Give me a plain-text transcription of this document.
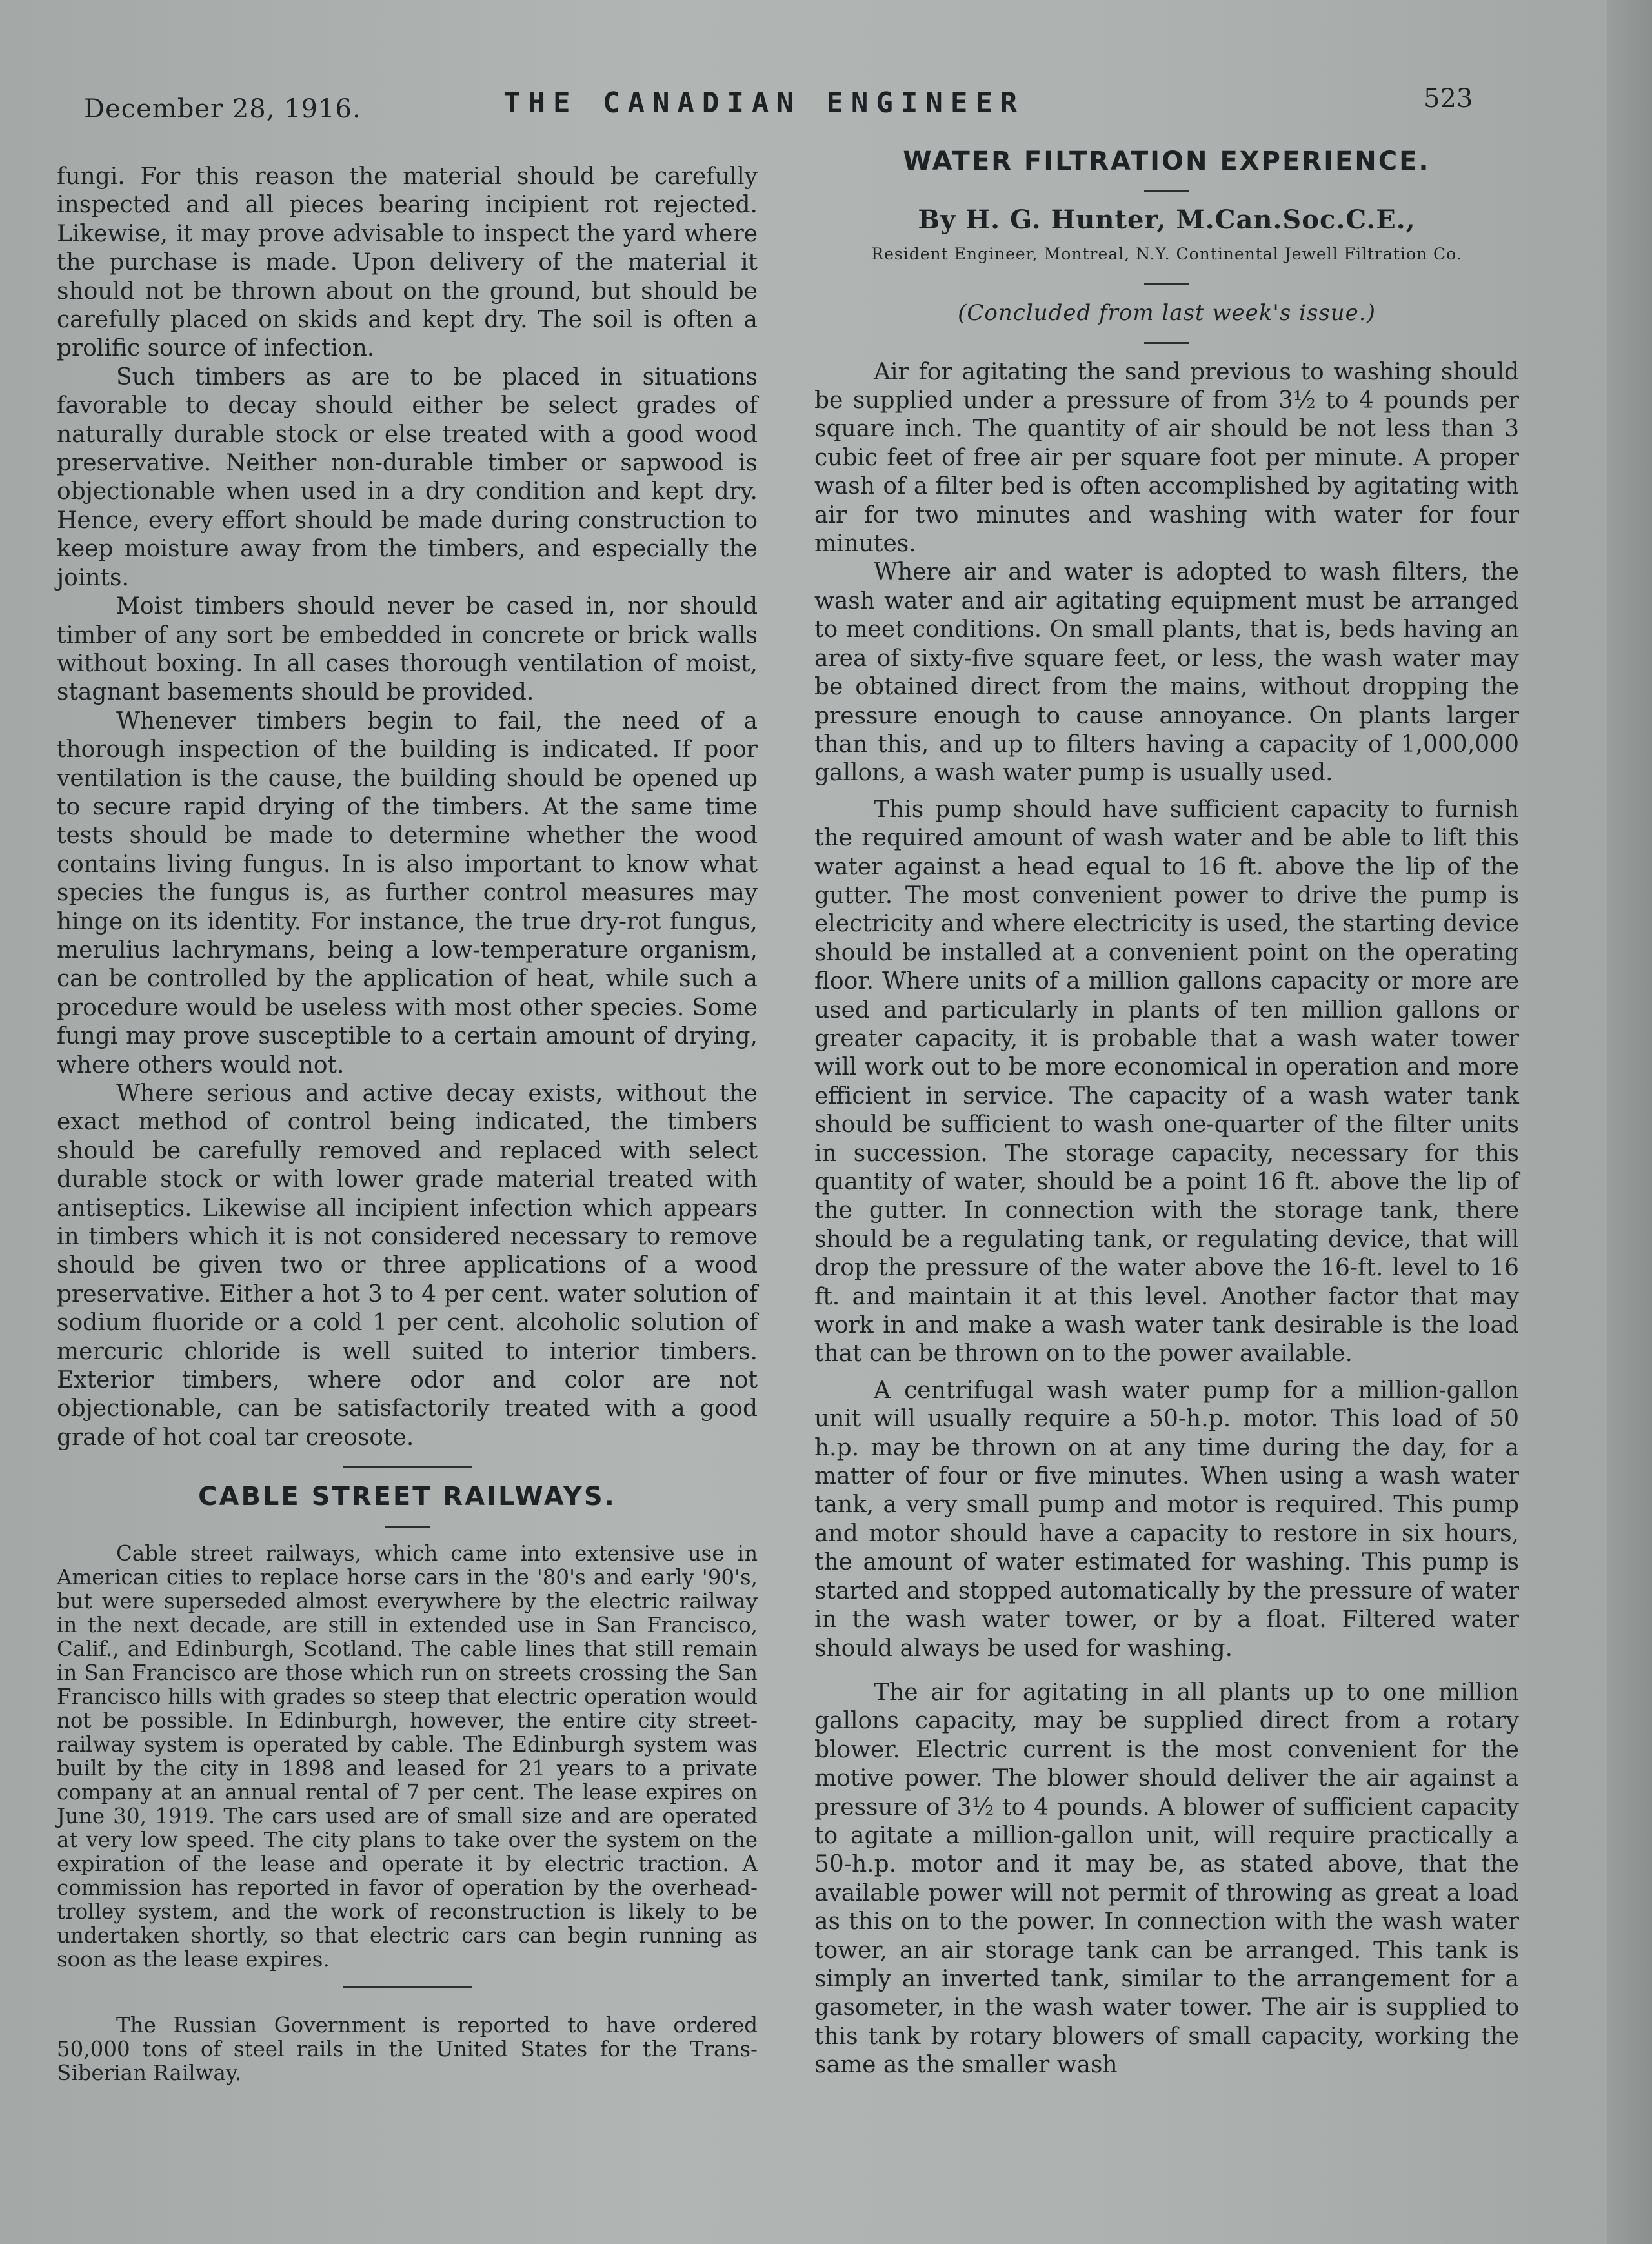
December 28, 1916.	THE CANADIAN ENGINEER	523

fungi. For this reason the material should be carefully inspected and all pieces bearing incipient rot rejected. Likewise, it may prove advisable to inspect the yard where the purchase is made. Upon delivery of the material it should not be thrown about on the ground, but should be carefully placed on skids and kept dry. The soil is often a prolific source of infection.

Such timbers as are to be placed in situations favorable to decay should either be select grades of naturally durable stock or else treated with a good wood preservative. Neither non-durable timber or sapwood is objectionable when used in a dry condition and kept dry. Hence, every effort should be made during construction to keep moisture away from the timbers, and especially the joints.

Moist timbers should never be cased in, nor should timber of any sort be embedded in concrete or brick walls without boxing. In all cases thorough ventilation of moist, stagnant basements should be provided.

Whenever timbers begin to fail, the need of a thorough inspection of the building is indicated. If poor ventilation is the cause, the building should be opened up to secure rapid drying of the timbers. At the same time tests should be made to determine whether the wood contains living fungus. In is also important to know what species the fungus is, as further control measures may hinge on its identity. For instance, the true dry-rot fungus, merulius lachrymans, being a low-temperature organism, can be controlled by the application of heat, while such a procedure would be useless with most other species. Some fungi may prove susceptible to a certain amount of drying, where others would not.

Where serious and active decay exists, without the exact method of control being indicated, the timbers should be carefully removed and replaced with select durable stock or with lower grade material treated with antiseptics. Likewise all incipient infection which appears in timbers which it is not considered necessary to remove should be given two or three applications of a wood preservative. Either a hot 3 to 4 per cent. water solution of sodium fluoride or a cold 1 per cent. alcoholic solution of mercuric chloride is well suited to interior timbers. Exterior timbers, where odor and color are not objectionable, can be satisfactorily treated with a good grade of hot coal tar creosote.

CABLE STREET RAILWAYS.

Cable street railways, which came into extensive use in American cities to replace horse cars in the '80's and early '90's, but were superseded almost everywhere by the electric railway in the next decade, are still in extended use in San Francisco, Calif., and Edinburgh, Scotland. The cable lines that still remain in San Francisco are those which run on streets crossing the San Francisco hills with grades so steep that electric operation would not be possible. In Edinburgh, however, the entire city street-railway system is operated by cable. The Edinburgh system was built by the city in 1898 and leased for 21 years to a private company at an annual rental of 7 per cent. The lease expires on June 30, 1919. The cars used are of small size and are operated at very low speed. The city plans to take over the system on the expiration of the lease and operate it by electric traction. A commission has reported in favor of operation by the overhead-trolley system, and the work of reconstruction is likely to be undertaken shortly, so that electric cars can begin running as soon as the lease expires.

The Russian Government is reported to have ordered 50,000 tons of steel rails in the United States for the Trans-Siberian Railway.

WATER FILTRATION EXPERIENCE.
By H. G. Hunter, M.Can.Soc.C.E.,
Resident Engineer, Montreal, N.Y. Continental Jewell Filtration Co.
(Concluded from last week's issue.)

Air for agitating the sand previous to washing should be supplied under a pressure of from 3½ to 4 pounds per square inch. The quantity of air should be not less than 3 cubic feet of free air per square foot per minute. A proper wash of a filter bed is often accomplished by agitating with air for two minutes and washing with water for four minutes.

Where air and water is adopted to wash filters, the wash water and air agitating equipment must be arranged to meet conditions. On small plants, that is, beds having an area of sixty-five square feet, or less, the wash water may be obtained direct from the mains, without dropping the pressure enough to cause annoyance. On plants larger than this, and up to filters having a capacity of 1,000,000 gallons, a wash water pump is usually used.

This pump should have sufficient capacity to furnish the required amount of wash water and be able to lift this water against a head equal to 16 ft. above the lip of the gutter. The most convenient power to drive the pump is electricity and where electricity is used, the starting device should be installed at a convenient point on the operating floor. Where units of a million gallons capacity or more are used and particularly in plants of ten million gallons or greater capacity, it is probable that a wash water tower will work out to be more economical in operation and more efficient in service. The capacity of a wash water tank should be sufficient to wash one-quarter of the filter units in succession. The storage capacity, necessary for this quantity of water, should be a point 16 ft. above the lip of the gutter. In connection with the storage tank, there should be a regulating tank, or regulating device, that will drop the pressure of the water above the 16-ft. level to 16 ft. and maintain it at this level. Another factor that may work in and make a wash water tank desirable is the load that can be thrown on to the power available.

A centrifugal wash water pump for a million-gallon unit will usually require a 50-h.p. motor. This load of 50 h.p. may be thrown on at any time during the day, for a matter of four or five minutes. When using a wash water tank, a very small pump and motor is required. This pump and motor should have a capacity to restore in six hours, the amount of water estimated for washing. This pump is started and stopped automatically by the pressure of water in the wash water tower, or by a float. Filtered water should always be used for washing.

The air for agitating in all plants up to one million gallons capacity, may be supplied direct from a rotary blower. Electric current is the most convenient for the motive power. The blower should deliver the air against a pressure of 3½ to 4 pounds. A blower of sufficient capacity to agitate a million-gallon unit, will require practically a 50-h.p. motor and it may be, as stated above, that the available power will not permit of throwing as great a load as this on to the power. In connection with the wash water tower, an air storage tank can be arranged. This tank is simply an inverted tank, similar to the arrangement for a gasometer, in the wash water tower. The air is supplied to this tank by rotary blowers of small capacity, working the same as the smaller wash
